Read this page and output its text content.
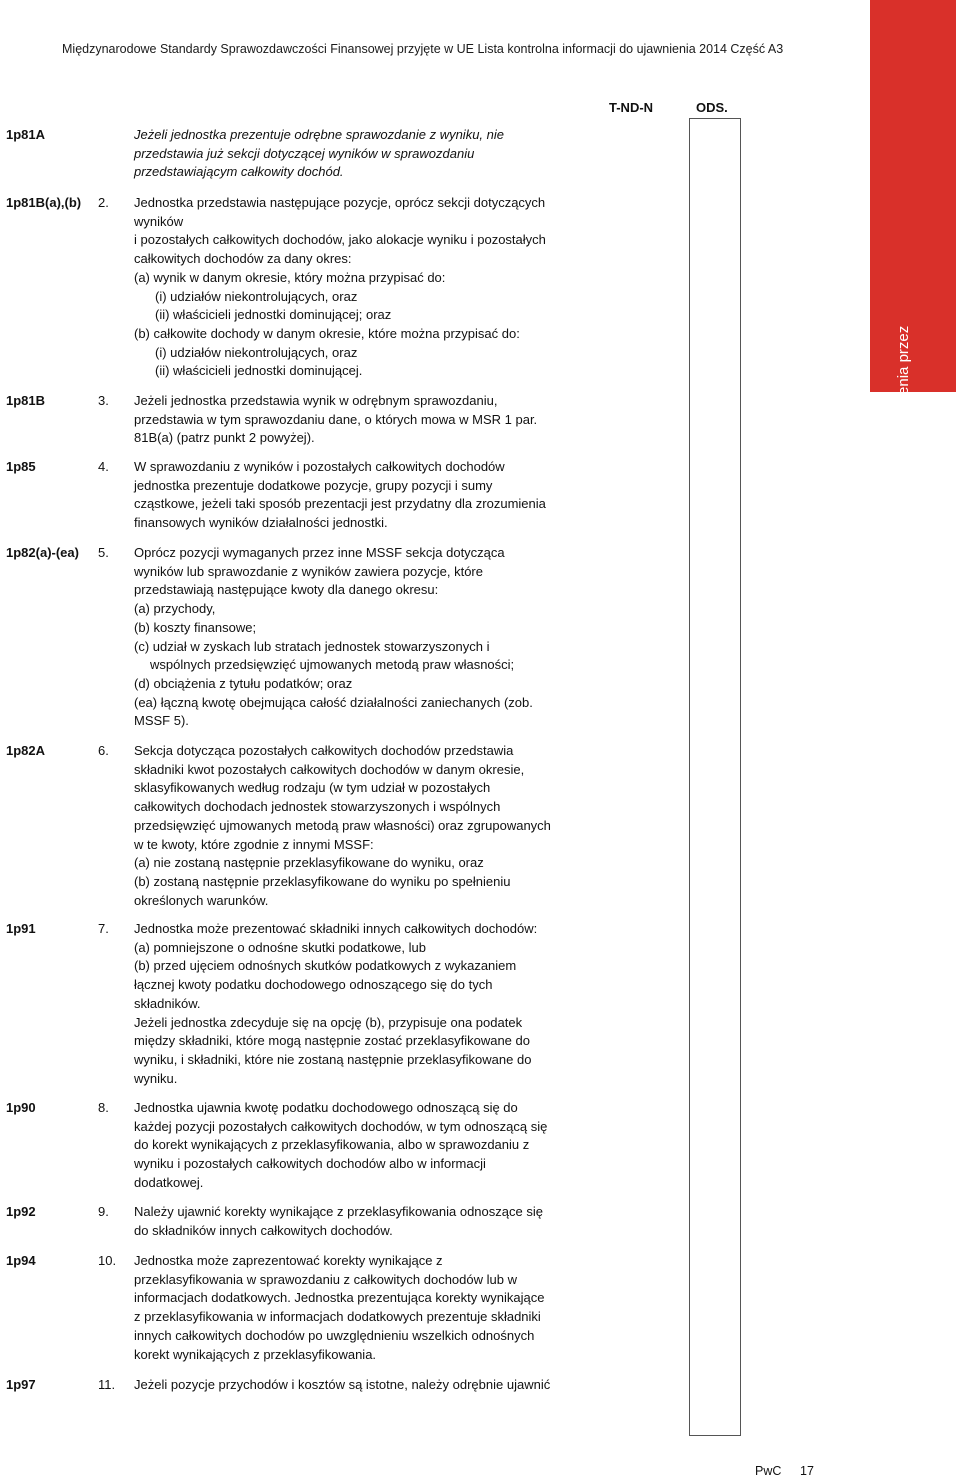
Międzynarodowe Standardy Sprawozdawczości Finansowej przyjęte w UE Lista kontrolna informacji do ujawnienia 2014 Część A3
T-ND-N	ODS.
Część A - Wymogi informacyjne do rozważenia przez wszystkie jednostki
1p81A	Jeżeli jednostka prezentuje odrębne sprawozdanie z wyniku, nie
przedstawia już sekcji dotyczącej wyników w sprawozdaniu
przedstawiającym całkowity dochód.
1p81B(a),(b) 2. Jednostka przedstawia następujące pozycje, oprócz sekcji dotyczących
wyników
i pozostałych całkowitych dochodów, jako alokacje wyniku i pozostałych
całkowitych dochodów za dany okres:
(a) wynik w danym okresie, który można przypisać do:
(i) udziałów niekontrolujących, oraz
(ii) właścicieli jednostki dominującej; oraz
(b) całkowite dochody w danym okresie, które można przypisać do:
(i) udziałów niekontrolujących, oraz
(ii) właścicieli jednostki dominującej.
1p81B	3. Jeżeli jednostka przedstawia wynik w odrębnym sprawozdaniu,
przedstawia w tym sprawozdaniu dane, o których mowa w MSR 1 par.
81B(a) (patrz punkt 2 powyżej).
1p85	4. W sprawozdaniu z wyników i pozostałych całkowitych dochodów
jednostka prezentuje dodatkowe pozycje, grupy pozycji i sumy
cząstkowe, jeżeli taki sposób prezentacji jest przydatny dla zrozumienia
finansowych wyników działalności jednostki.
1p82(a)-(ea) 5. Oprócz pozycji wymaganych przez inne MSSF sekcja dotycząca
wyników lub sprawozdanie z wyników zawiera pozycje, które
przedstawiają następujące kwoty dla danego okresu:
(a) przychody,
(b) koszty finansowe;
(c) udział w zyskach lub stratach jednostek stowarzyszonych i
wspólnych przedsięwzięć ujmowanych metodą praw własności;
(d) obciążenia z tytułu podatków; oraz
(ea) łączną kwotę obejmująca całość działalności zaniechanych (zob.
MSSF 5).
1p82A	6. Sekcja dotycząca pozostałych całkowitych dochodów przedstawia
składniki kwot pozostałych całkowitych dochodów w danym okresie,
sklasyfikowanych według rodzaju (w tym udział w pozostałych
całkowitych dochodach jednostek stowarzyszonych i wspólnych
przedsięwzięć ujmowanych metodą praw własności) oraz zgrupowanych
w te kwoty, które zgodnie z innymi MSSF:
(a) nie zostaną następnie przeklasyfikowane do wyniku, oraz
(b) zostaną następnie przeklasyfikowane do wyniku po spełnieniu
określonych warunków.
1p91	7. Jednostka może prezentować składniki innych całkowitych dochodów:
(a) pomniejszone o odnośne skutki podatkowe, lub
(b) przed ujęciem odnośnych skutków podatkowych z wykazaniem
łącznej kwoty podatku dochodowego odnoszącego się do tych
składników.
Jeżeli jednostka zdecyduje się na opcję (b), przypisuje ona podatek
między składniki, które mogą następnie zostać przeklasyfikowane do
wyniku, i składniki, które nie zostaną następnie przeklasyfikowane do
wyniku.
1p90	8. Jednostka ujawnia kwotę podatku dochodowego odnoszącą się do
każdej pozycji pozostałych całkowitych dochodów, w tym odnoszącą się
do korekt wynikających z przeklasyfikowania, albo w sprawozdaniu z
wyniku i pozostałych całkowitych dochodów albo w informacji
dodatkowej.
1p92	9. Należy ujawnić korekty wynikające z przeklasyfikowania odnoszące się
do składników innych całkowitych dochodów.
1p94	10. Jednostka może zaprezentować korekty wynikające z
przeklasyfikowania w sprawozdaniu z całkowitych dochodów lub w
informacjach dodatkowych. Jednostka prezentująca korekty wynikające
z przeklasyfikowania w informacjach dodatkowych prezentuje składniki
innych całkowitych dochodów po uwzględnieniu wszelkich odnośnych
korekt wynikających z przeklasyfikowania.
1p97	11. Jeżeli pozycje przychodów i kosztów są istotne, należy odrębnie ujawnić
PwC 17
